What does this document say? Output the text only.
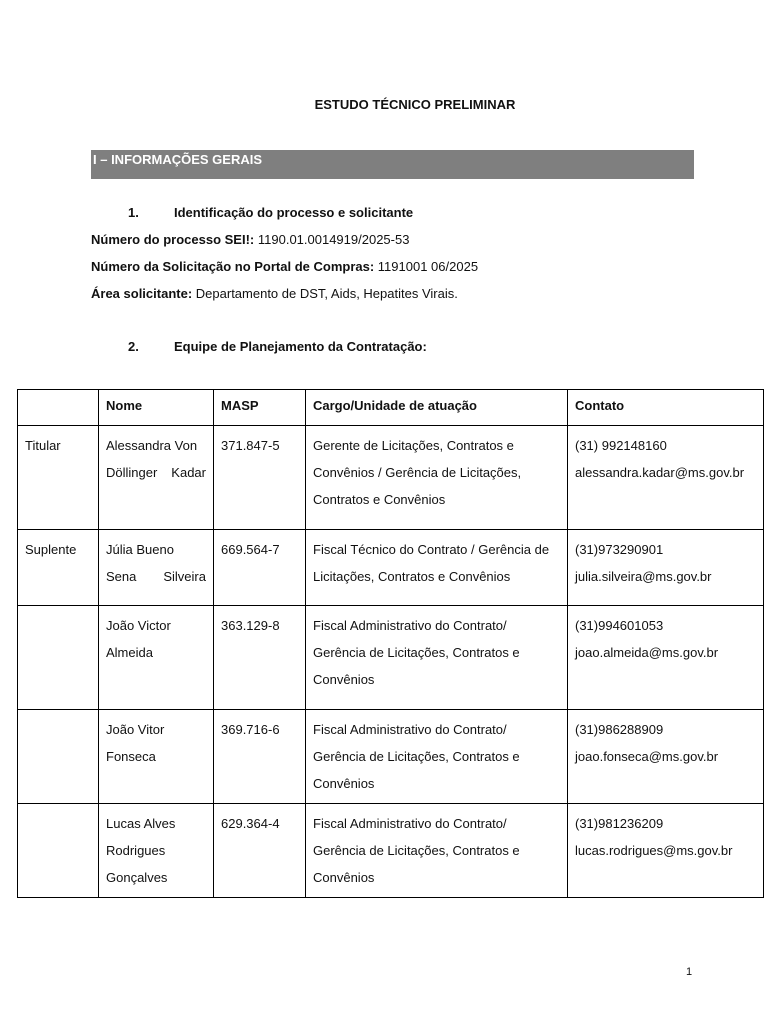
ESTUDO TÉCNICO PRELIMINAR
I – INFORMAÇÕES GERAIS
1.	Identificação do processo e solicitante
Número do processo SEI!: 1190.01.0014919/2025-53
Número da Solicitação no Portal de Compras: 1191001 06/2025
Área solicitante: Departamento de DST, Aids, Hepatites Virais.
2.	Equipe de Planejamento da Contratação:
	Nome	MASP	Cargo/Unidade de atuação	Contato
Titular	Alessandra Von Döllinger Kadar	371.847-5	Gerente de Licitações, Contratos e Convênios / Gerência de Licitações, Contratos e Convênios	(31) 992148160
alessandra.kadar@ms.gov.br

Suplente	Júlia Bueno Sena Silveira	669.564-7	Fiscal Técnico do Contrato / Gerência de Licitações, Contratos e Convênios	(31)973290901
julia.silveira@ms.gov.br

	João Victor Almeida	363.129-8	Fiscal Administrativo do Contrato/ Gerência de Licitações, Contratos e Convênios	(31)994601053
joao.almeida@ms.gov.br

	João Vitor Fonseca	369.716-6	Fiscal Administrativo do Contrato/ Gerência de Licitações, Contratos e Convênios	(31)986288909
joao.fonseca@ms.gov.br

	Lucas Alves Rodrigues Gonçalves	629.364-4	Fiscal Administrativo do Contrato/ Gerência de Licitações, Contratos e Convênios	(31)981236209
lucas.rodrigues@ms.gov.br
1
